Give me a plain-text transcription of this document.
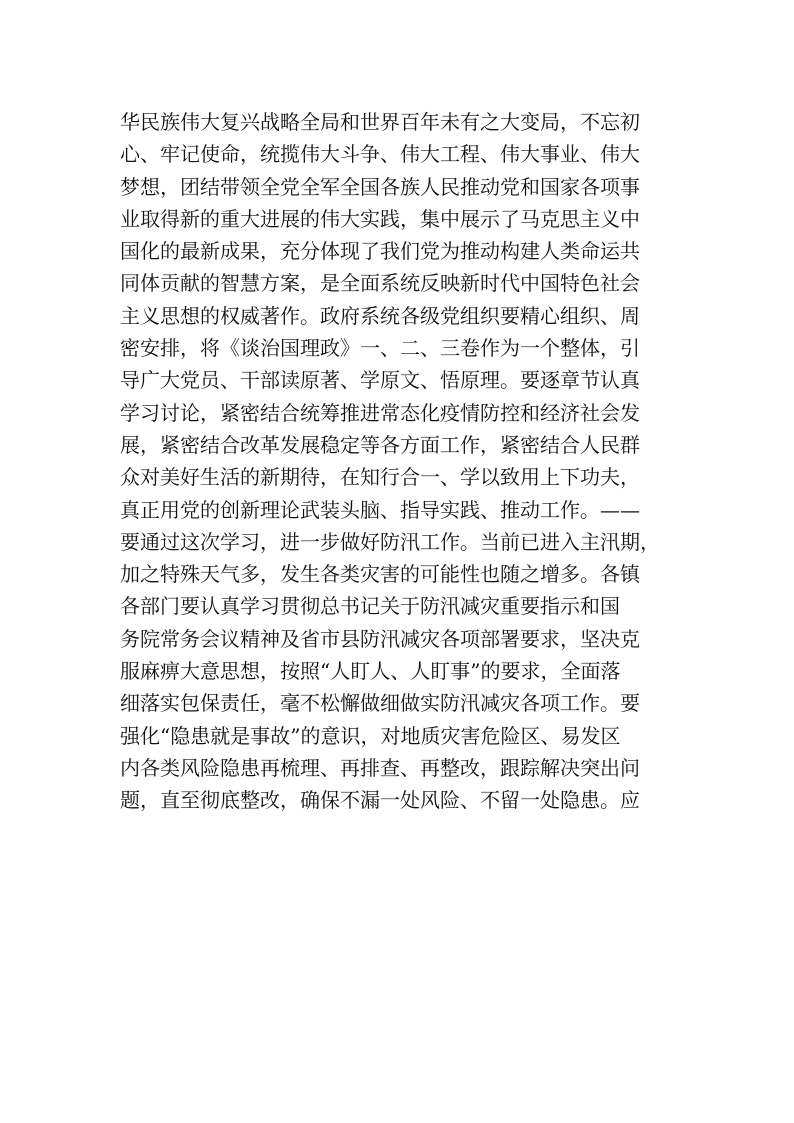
华民族伟大复兴战略全局和世界百年未有之大变局，不忘初
心、牢记使命，统揽伟大斗争、伟大工程、伟大事业、伟大
梦想，团结带领全党全军全国各族人民推动党和国家各项事
业取得新的重大进展的伟大实践，集中展示了马克思主义中
国化的最新成果，充分体现了我们党为推动构建人类命运共
同体贡献的智慧方案，是全面系统反映新时代中国特色社会
主义思想的权威著作。政府系统各级党组织要精心组织、周
密安排，将《谈治国理政》一、二、三卷作为一个整体，引
导广大党员、干部读原著、学原文、悟原理。要逐章节认真
学习讨论，紧密结合统筹推进常态化疫情防控和经济社会发
展，紧密结合改革发展稳定等各方面工作，紧密结合人民群
众对美好生活的新期待，在知行合一、学以致用上下功夫，
真正用党的创新理论武装头脑、指导实践、推动工作。——
要通过这次学习，进一步做好防汛工作。当前已进入主汛期，
加之特殊天气多，发生各类灾害的可能性也随之增多。各镇
各部门要认真学习贯彻总书记关于防汛减灾重要指示和国
务院常务会议精神及省市县防汛减灾各项部署要求，坚决克
服麻痹大意思想，按照“人盯人、人盯事”的要求，全面落
细落实包保责任，毫不松懈做细做实防汛减灾各项工作。要
强化“隐患就是事故”的意识，对地质灾害危险区、易发区
内各类风险隐患再梳理、再排查、再整改，跟踪解决突出问
题，直至彻底整改，确保不漏一处风险、不留一处隐患。应
